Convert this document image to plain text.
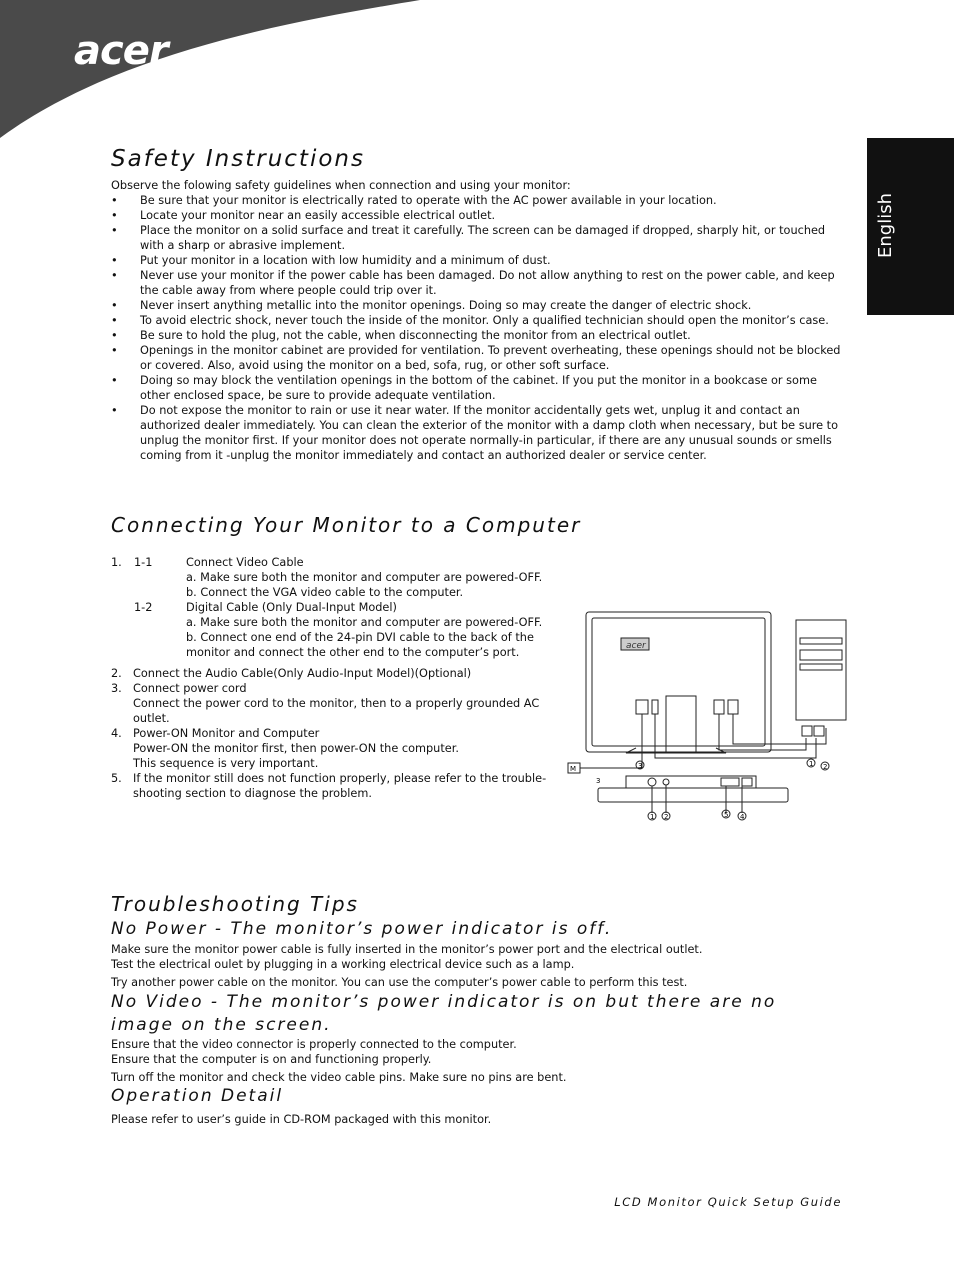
acer
English
Safety Instructions
Observe the folowing safety guidelines when connection and using your monitor:
• Be sure that your monitor is electrically rated to operate with the AC power available in your location.
• Locate your monitor near an easily accessible electrical outlet.
• Place the monitor on a solid surface and treat it carefully. The screen can be damaged if dropped, sharply hit, or touched with a sharp or abrasive implement.
• Put your monitor in a location with low humidity and a minimum of dust.
• Never use your monitor if the power cable has been damaged. Do not allow anything to rest on the power cable, and keep the cable away from where people could trip over it.
• Never insert anything metallic into the monitor openings. Doing so may create the danger of electric shock.
• To avoid electric shock, never touch the inside of the monitor. Only a qualified technician should open the monitor’s case.
• Be sure to hold the plug, not the cable, when disconnecting the monitor from an electrical outlet.
• Openings in the monitor cabinet are provided for ventilation. To prevent overheating, these openings should not be blocked or covered. Also, avoid using the monitor on a bed, sofa, rug, or other soft surface.
• Doing so may block the ventilation openings in the bottom of the cabinet. If you put the monitor in a bookcase or some other enclosed space, be sure to provide adequate ventilation.
• Do not expose the monitor to rain or use it near water. If the monitor accidentally gets wet, unplug it and contact an authorized dealer immediately. You can clean the exterior of the monitor with a damp cloth when necessary, but be sure to unplug the monitor first. If your monitor does not operate normally-in particular, if there are any unusual sounds or smells coming from it -unplug the monitor immediately and contact an authorized dealer or service center.
Connecting Your Monitor to a Computer
1. 1-1	Connect Video Cable
a. Make sure both the monitor and computer are powered-OFF.
b. Connect the VGA video cable to the computer.
1-2	Digital Cable (Only Dual-Input Model)
a. Make sure both the monitor and computer are powered-OFF.
b. Connect one end of the 24-pin DVI cable to the back of the monitor and connect the other end to the computer’s port.
2. Connect the Audio Cable(Only Audio-Input Model)(Optional)
3. Connect power cord
Connect the power cord to the monitor, then to a properly grounded AC outlet.
4. Power-ON Monitor and Computer
Power-ON the monitor first, then power-ON the computer.
This sequence is very important.
5. If the monitor still does not function properly, please refer to the trouble-shooting section to diagnose the problem.
acer
M	3	1 2
1 2	5 4
3
Troubleshooting Tips
No Power - The monitor’s power indicator is off.
Make sure the monitor power cable is fully inserted in the monitor’s power port and the electrical outlet.
Test the electrical oulet by plugging in a working electrical device such as a lamp.
Try another power cable on the monitor. You can use the computer’s power cable to perform this test.
No Video - The monitor’s power indicator is on but there are no image on the screen.
Ensure that the video connector is properly connected to the computer.
Ensure that the computer is on and functioning properly.
Turn off the monitor and check the video cable pins. Make sure no pins are bent.
Operation Detail
Please refer to user’s guide in CD-ROM packaged with this monitor.
LCD Monitor Quick Setup Guide
